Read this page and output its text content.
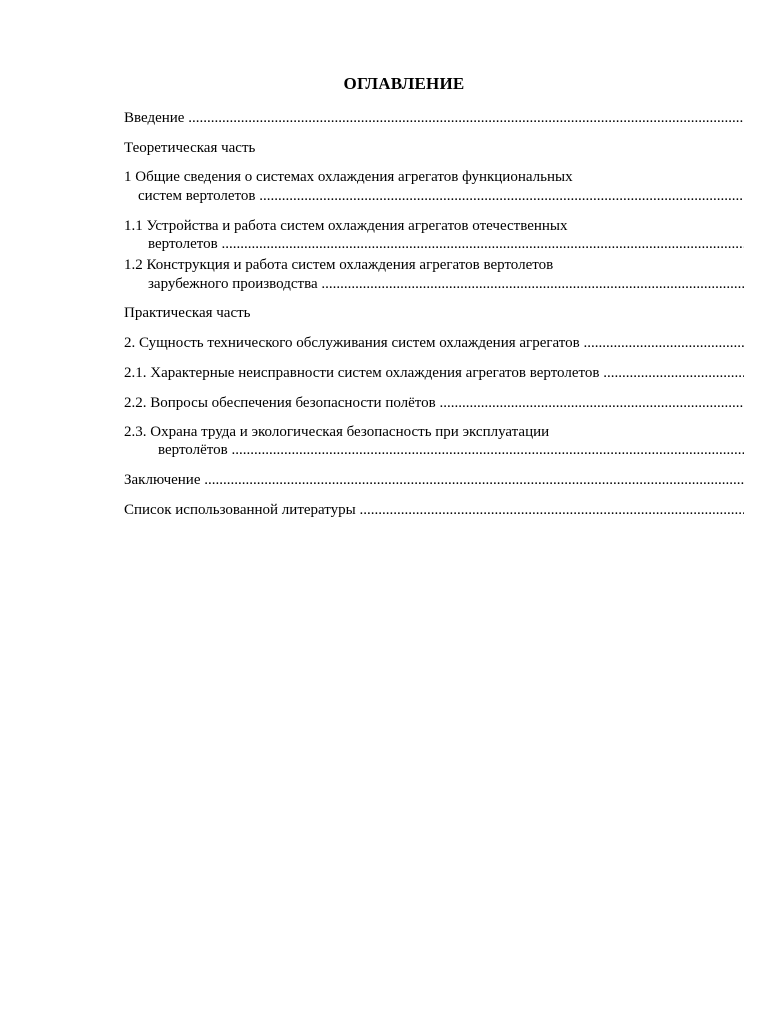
ОГЛАВЛЕНИЕ
Введение .....
Теоретическая часть
1 Общие сведения о системах охлаждения агрегатов функциональных
систем вертолетов .....
1.1 Устройства и работа систем охлаждения агрегатов отечественных
вертолетов .....
1.2 Конструкция и работа систем охлаждения агрегатов вертолетов
зарубежного производства .....
Практическая часть
2. Сущность технического обслуживания систем охлаждения агрегатов .....
2.1. Характерные неисправности систем охлаждения агрегатов вертолетов .....
2.2. Вопросы обеспечения безопасности полётов .....
2.3. Охрана труда и экологическая безопасность при эксплуатации
вертолётов .....
Заключение .....
Список использованной литературы .....
